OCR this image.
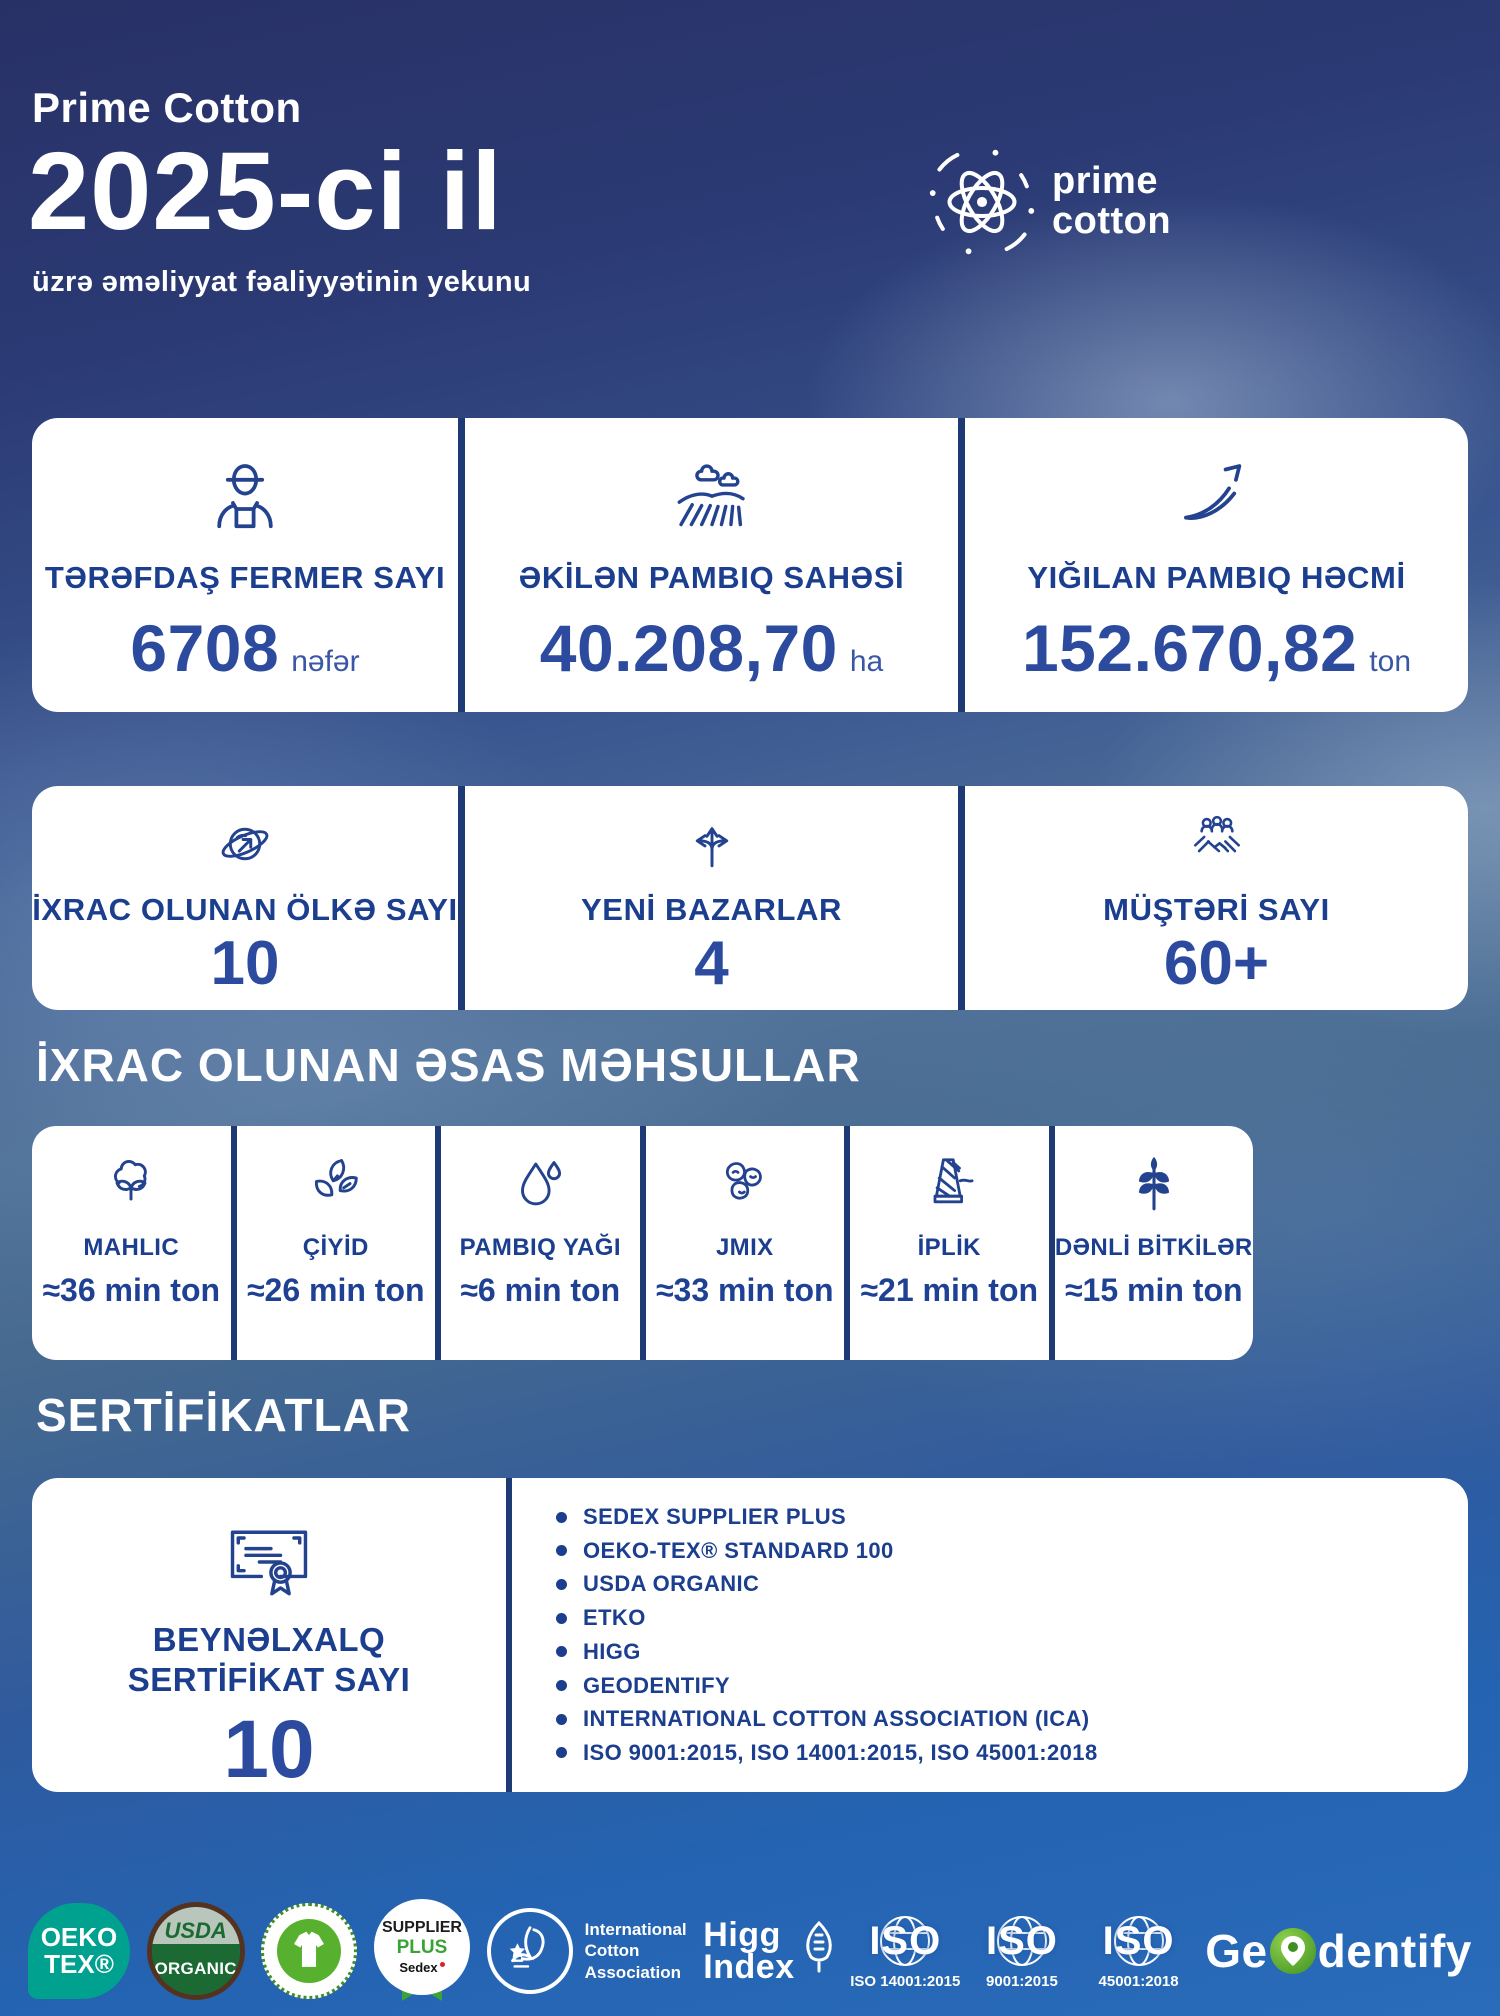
Prime Cotton
2025-ci il
üzrə əməliyyat fəaliyyətinin yekunu
prime
cotton
TƏRƏFDAŞ FERMER SAYI
6708 nəfər
ƏKİLƏN PAMBIQ SAHƏSİ
40.208,70 ha
YIĞILAN PAMBIQ HƏCMİ
152.670,82 ton
İXRAC OLUNAN ÖLKƏ SAYI
10
YENİ BAZARLAR
4
MÜŞTƏRİ SAYI
60+
İXRAC OLUNAN ƏSAS MƏHSULLAR
MAHLIC
≈36 min ton
ÇİYİD
≈26 min ton
PAMBIQ YAĞI
≈6 min ton
JMIX
≈33 min ton
İPLİK
≈21 min ton
DƏNLİ BİTKİLƏR
≈15 min ton
SERTİFİKATLAR
BEYNƏLXALQ
SERTİFİKAT SAYI
10
SEDEX SUPPLIER PLUS
OEKO-TEX® STANDARD 100
USDA ORGANIC
ETKO
HIGG
GEODENTIFY
INTERNATIONAL COTTON ASSOCIATION (ICA)
ISO 9001:2015, ISO 14001:2015, ISO 45001:2018
OEKO
TEX®
USDA
ORGANIC
SUPPLIER
PLUS
Sedex
International
Cotton
Association
Higg
Index
ISO
ISO 14001:2015
ISO
9001:2015
ISO
45001:2018
Ge dentify
